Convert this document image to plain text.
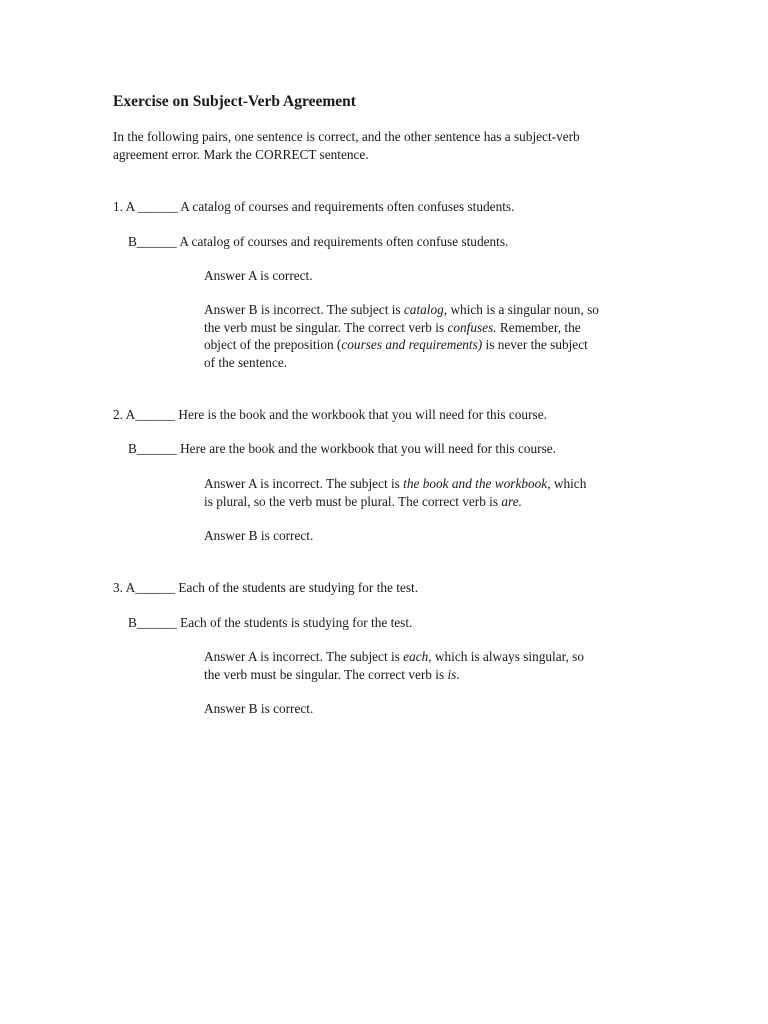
Exercise on Subject-Verb Agreement

In the following pairs, one sentence is correct, and the other sentence has a subject-verb
agreement error. Mark the CORRECT sentence.

1. A ______ A catalog of courses and requirements often confuses students.

B______ A catalog of courses and requirements often confuse students.

Answer A is correct.

Answer B is incorrect. The subject is catalog, which is a singular noun, so
the verb must be singular. The correct verb is confuses. Remember, the
object of the preposition (courses and requirements) is never the subject
of the sentence.

2. A______ Here is the book and the workbook that you will need for this course.

B______ Here are the book and the workbook that you will need for this course.

Answer A is incorrect. The subject is the book and the workbook, which
is plural, so the verb must be plural. The correct verb is are.

Answer B is correct.

3. A______ Each of the students are studying for the test.

B______ Each of the students is studying for the test.

Answer A is incorrect. The subject is each, which is always singular, so
the verb must be singular. The correct verb is is.

Answer B is correct.
